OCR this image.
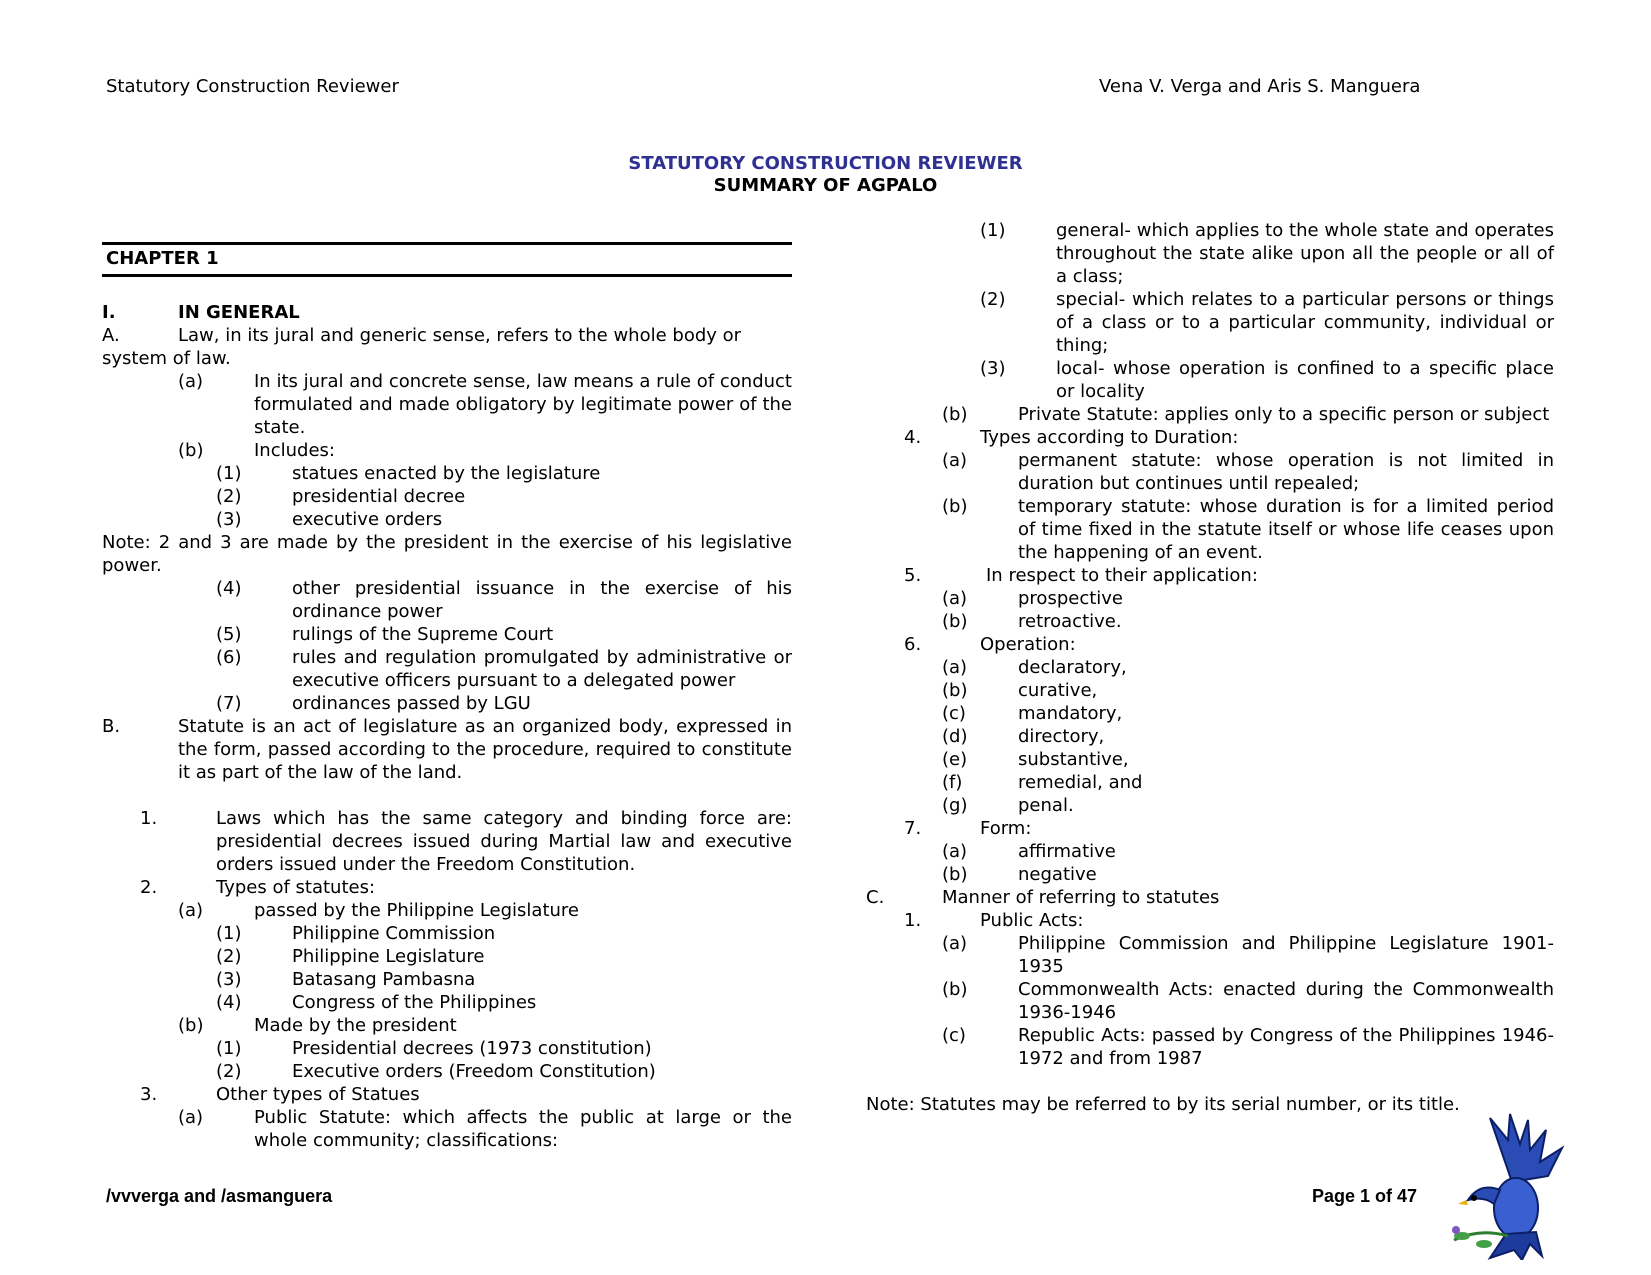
Statutory Construction Reviewer	Vena V. Verga and Aris S. Manguera
STATUTORY CONSTRUCTION REVIEWER
SUMMARY OF AGPALO
CHAPTER 1
I.	IN GENERAL
A.	Law, in its jural and generic sense, refers to the whole body or
system of law.
(a)	In its jural and concrete sense, law means a rule of conduct formulated and made obligatory by legitimate power of the state.
(b)	Includes:
(1)	statues enacted by the legislature
(2)	presidential decree
(3)	executive orders
Note: 2 and 3 are made by the president in the exercise of his legislative power.
(4)	other presidential issuance in the exercise of his ordinance power
(5)	rulings of the Supreme Court
(6)	rules and regulation promulgated by administrative or executive officers pursuant to a delegated power
(7)	ordinances passed by LGU
B.	Statute is an act of legislature as an organized body, expressed in the form, passed according to the procedure, required to constitute it as part of the law of the land.
1.	Laws which has the same category and binding force are: presidential decrees issued during Martial law and executive orders issued under the Freedom Constitution.
2.	Types of statutes:
(a)	passed by the Philippine Legislature
(1)	Philippine Commission
(2)	Philippine Legislature
(3)	Batasang Pambasna
(4)	Congress of the Philippines
(b)	Made by the president
(1)	Presidential decrees (1973 constitution)
(2)	Executive orders (Freedom Constitution)
3.	Other types of Statues
(a)	Public Statute: which affects the public at large or the whole community; classifications:
(1)	general- which applies to the whole state and operates throughout the state alike upon all the people or all of a class;
(2)	special- which relates to a particular persons or things of a class or to a particular community, individual or thing;
(3)	local- whose operation is confined to a specific place or locality
(b)	Private Statute: applies only to a specific person or subject
4.	Types according to Duration:
(a)	permanent statute: whose operation is not limited in duration but continues until repealed;
(b)	temporary statute: whose duration is for a limited period of time fixed in the statute itself or whose life ceases upon the happening of an event.
5.	In respect to their application:
(a)	prospective
(b)	retroactive.
6.	Operation:
(a)	declaratory,
(b)	curative,
(c)	mandatory,
(d)	directory,
(e)	substantive,
(f)	remedial, and
(g)	penal.
7.	Form:
(a)	affirmative
(b)	negative
C.	Manner of referring to statutes
1.	Public Acts:
(a)	Philippine Commission and Philippine Legislature 1901-1935
(b)	Commonwealth Acts: enacted during the Commonwealth 1936-1946
(c)	Republic Acts: passed by Congress of the Philippines 1946-1972 and from 1987
Note: Statutes may be referred to by its serial number, or its title.
/vvverga and /asmanguera	Page 1 of 47
